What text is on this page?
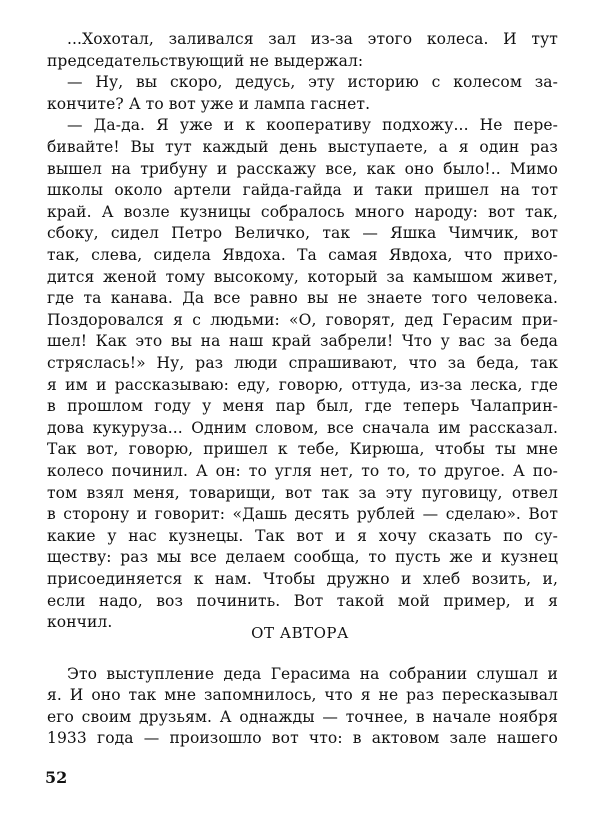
...Хохотал, заливался зал из-за этого колеса. И тут
председательствующий не выдержал:
— Ну, вы скоро, дедусь, эту историю с колесом за-
кончите? А то вот уже и лампа гаснет.
— Да-да. Я уже и к кооперативу подхожу... Не пере-
бивайте! Вы тут каждый день выступаете, а я один раз
вышел на трибуну и расскажу все, как оно было!.. Мимо
школы около артели гайда-гайда и таки пришел на тот
край. А возле кузницы собралось много народу: вот так,
сбоку, сидел Петро Величко, так — Яшка Чимчик, вот
так, слева, сидела Явдоха. Та самая Явдоха, что прихо-
дится женой тому высокому, который за камышом живет,
где та канава. Да все равно вы не знаете того человека.
Поздоровался я с людьми: «О, говорят, дед Герасим при-
шел! Как это вы на наш край забрели! Что у вас за беда
стряслась!» Ну, раз люди спрашивают, что за беда, так
я им и рассказываю: еду, говорю, оттуда, из-за леска, где
в прошлом году у меня пар был, где теперь Чалаприн-
дова кукуруза... Одним словом, все сначала им рассказал.
Так вот, говорю, пришел к тебе, Кирюша, чтобы ты мне
колесо починил. А он: то угля нет, то то, то другое. А по-
том взял меня, товарищи, вот так за эту пуговицу, отвел
в сторону и говорит: «Дашь десять рублей — сделаю». Вот
какие у нас кузнецы. Так вот и я хочу сказать по су-
ществу: раз мы все делаем сообща, то пусть же и кузнец
присоединяется к нам. Чтобы дружно и хлеб возить, и,
если надо, воз починить. Вот такой мой пример, и я
кончил.
ОТ АВТОРА
Это выступление деда Герасима на собрании слушал и
я. И оно так мне запомнилось, что я не раз пересказывал
его своим друзьям. А однажды — точнее, в начале ноября
1933 года — произошло вот что: в актовом зале нашего
52
